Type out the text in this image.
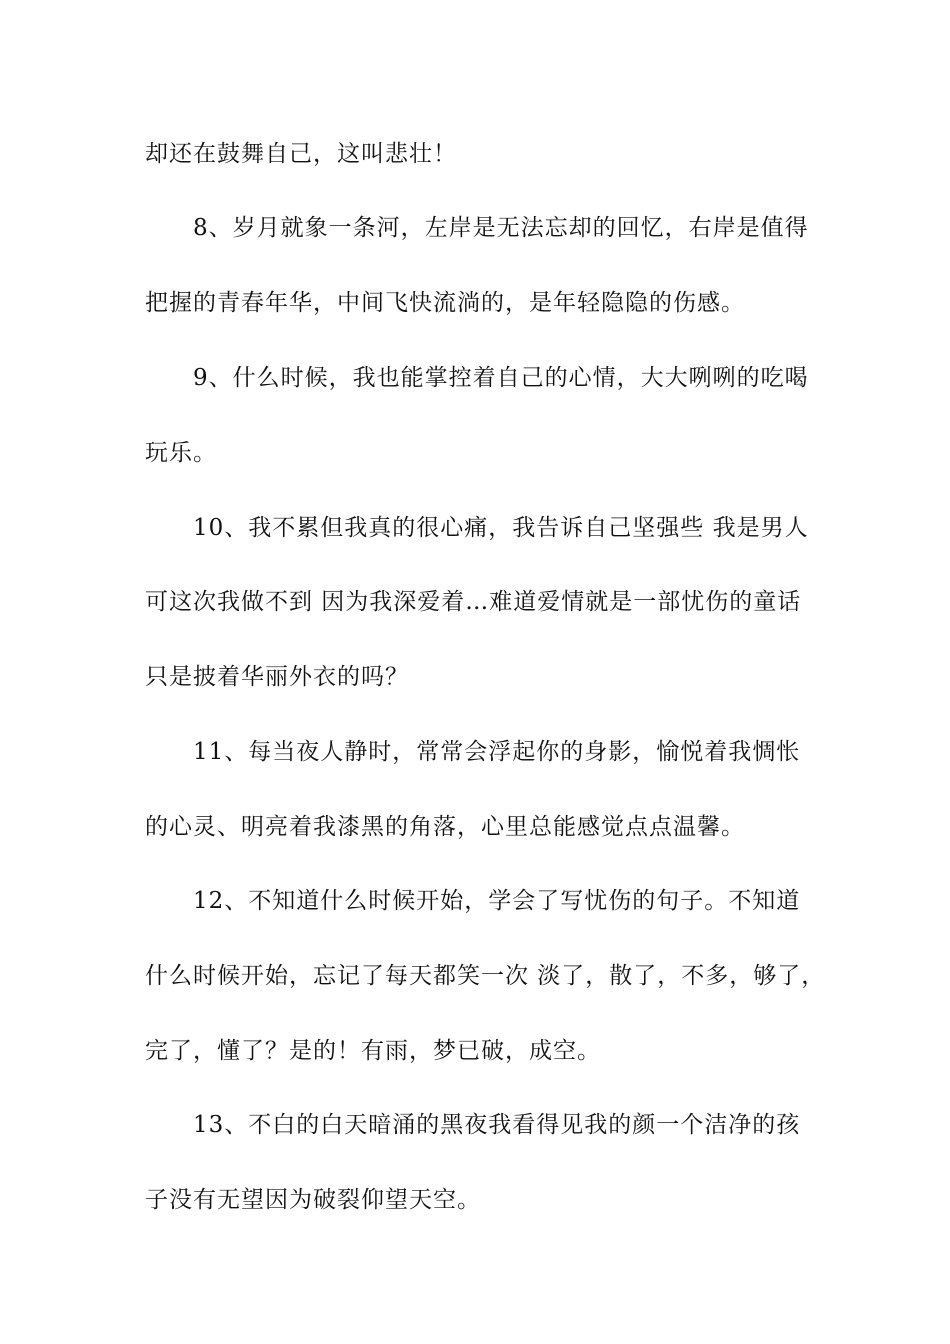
却还在鼓舞自己，这叫悲壮！
8、岁月就象一条河，左岸是无法忘却的回忆，右岸是值得
把握的青春年华，中间飞快流淌的，是年轻隐隐的伤感。
9、什么时候，我也能掌控着自己的心情，大大咧咧的吃喝
玩乐。
10、我不累但我真的很心痛，我告诉自己坚强些 我是男人
可这次我做不到 因为我深爱着…难道爱情就是一部忧伤的童话
只是披着华丽外衣的吗？
11、每当夜人静时，常常会浮起你的身影，愉悦着我惆怅
的心灵、明亮着我漆黑的角落，心里总能感觉点点温馨。
12、不知道什么时候开始，学会了写忧伤的句子。不知道
什么时候开始，忘记了每天都笑一次 淡了，散了，不多，够了，
完了，懂了？是的！有雨，梦已破，成空。
13、不白的白天暗涌的黑夜我看得见我的颜一个洁净的孩
子没有无望因为破裂仰望天空。
